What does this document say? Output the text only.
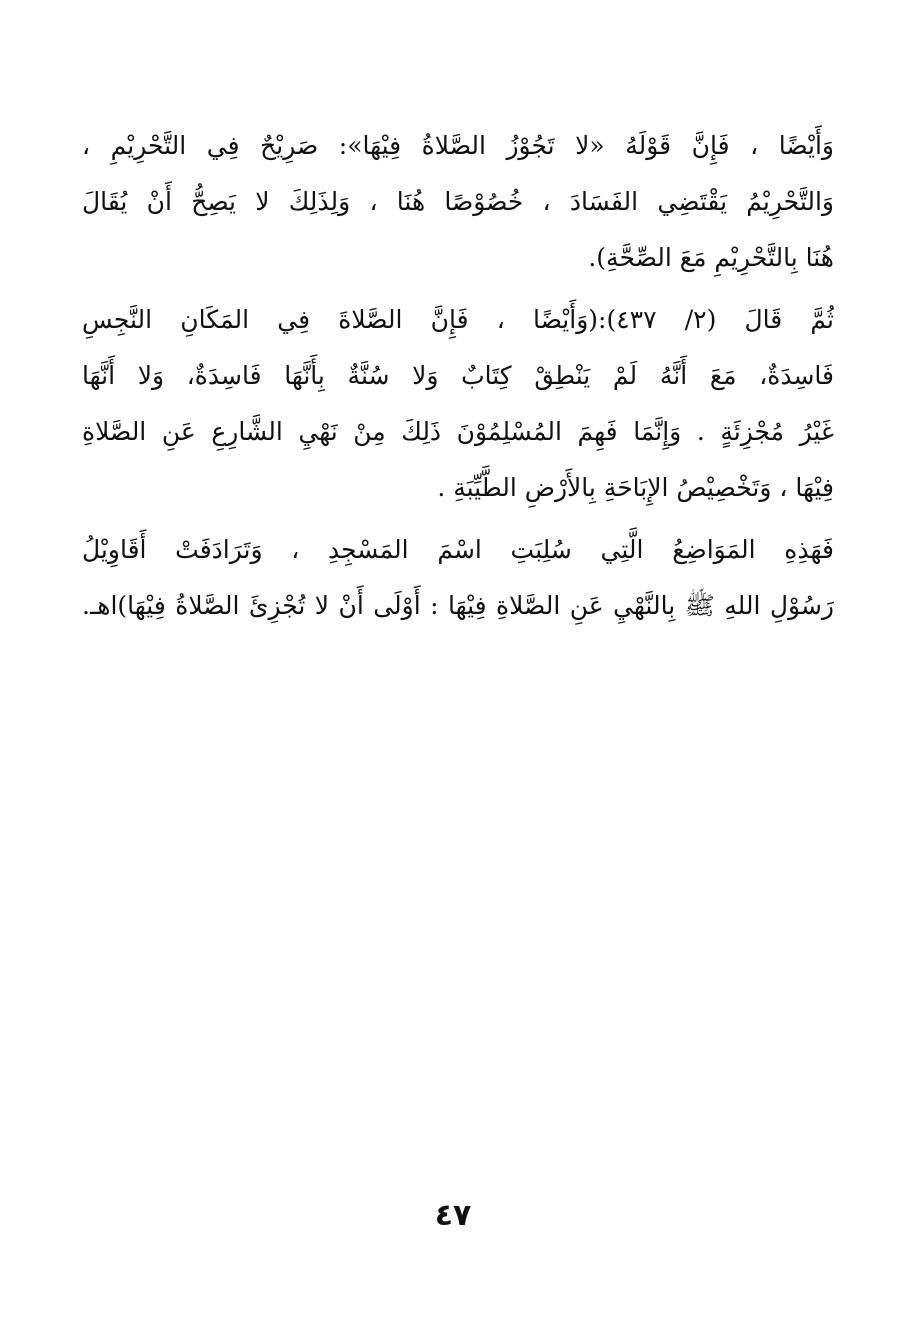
وَأَيْضًا ، فَإِنَّ قَوْلَهُ «لا تَجُوْزُ الصَّلاةُ فِيْهَا»: صَرِيْحٌ فِي التَّحْرِيْمِ ،
وَالتَّحْرِيْمُ يَقْتَضِي الفَسَادَ ، خُصُوْصًا هُنَا ، وَلِذَلِكَ لا يَصِحُّ أَنْ يُقَالَ
هُنَا بِالتَّحْرِيْمِ مَعَ الصِّحَّةِ).
ثُمَّ قَالَ (٢/ ٤٣٧):(وَأَيْضًا ، فَإِنَّ الصَّلاةَ فِي المَكَانِ النَّجِسِ
فَاسِدَةٌ، مَعَ أَنَّهُ لَمْ يَنْطِقْ كِتَابٌ وَلا سُنَّةٌ بِأَنَّهَا فَاسِدَةٌ، وَلا أَنَّهَا
غَيْرُ مُجْزِئَةٍ . وَإِنَّمَا فَهِمَ المُسْلِمُوْنَ ذَلِكَ مِنْ نَهْيِ الشَّارِعِ عَنِ الصَّلاةِ
فِيْهَا ، وَتَخْصِيْصُ الإِبَاحَةِ بِالأَرْضِ الطَّيِّبَةِ .
فَهَذِهِ المَوَاضِعُ الَّتِي سُلِبَتِ اسْمَ المَسْجِدِ ، وَتَرَادَفَتْ أَقَاوِيْلُ
رَسُوْلِ اللهِ ﷺ بِالنَّهْيِ عَنِ الصَّلاةِ فِيْهَا : أَوْلَى أَنْ لا تُجْزِئَ الصَّلاةُ فِيْهَا)اهـ.
٤٧
